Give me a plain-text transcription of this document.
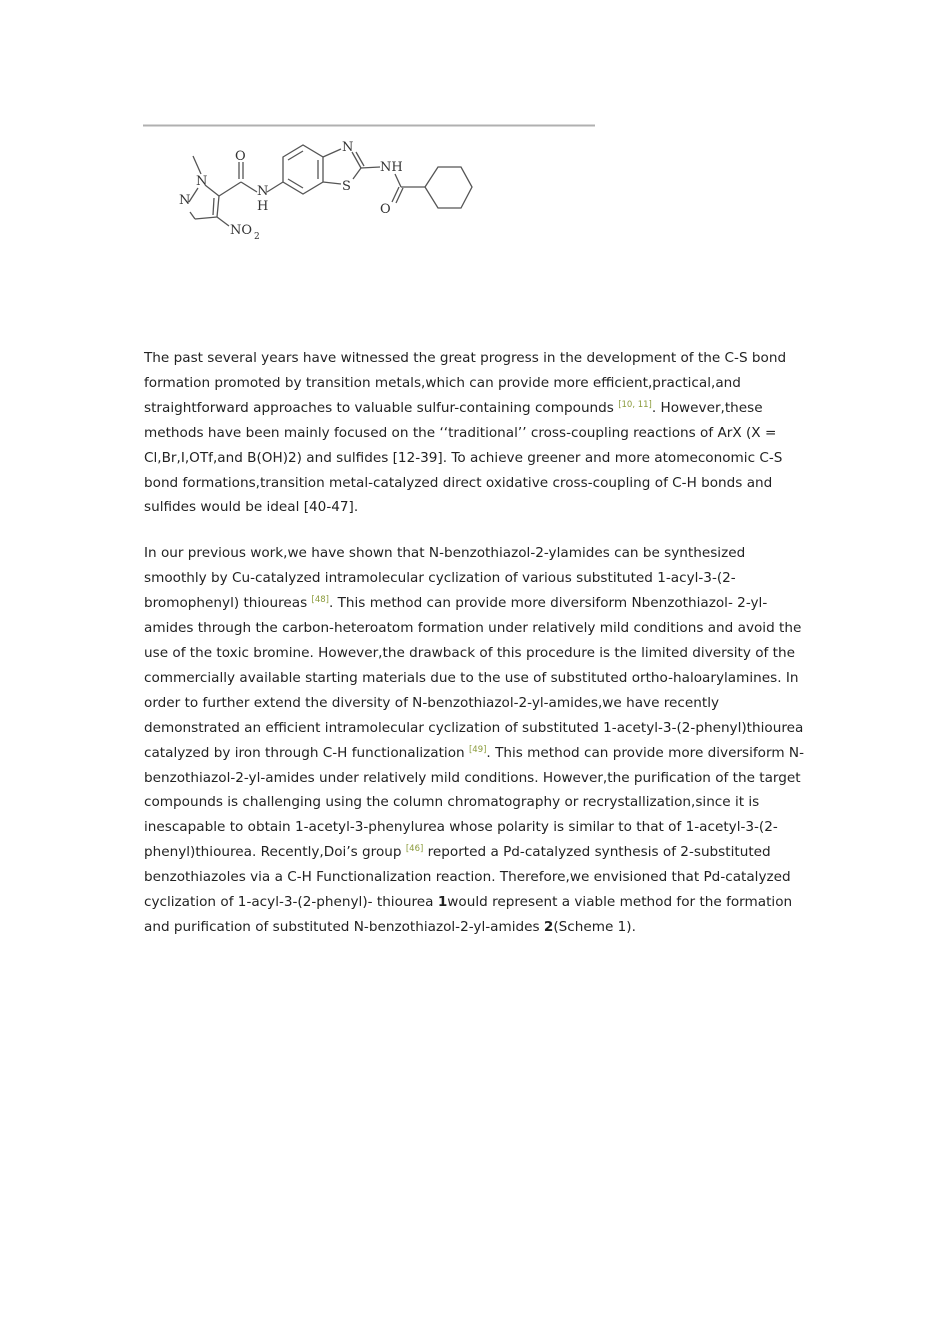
O
N
N
N
H
NO 2
N
S
NH
O

The past several years have witnessed the great progress in the development of the C-S bond formation promoted by transition metals,which can provide more efficient,practical,and straightforward approaches to valuable sulfur-containing compounds [10, 11]. However,these methods have been mainly focused on the ‘‘traditional’’ cross-coupling reactions of ArX (X = Cl,Br,I,OTf,and B(OH)2) and sulfides [12-39]. To achieve greener and more atomeconomic C-S bond formations,transition metal-catalyzed direct oxidative cross-coupling of C-H bonds and sulfides would be ideal [40-47].

In our previous work,we have shown that N-benzothiazol-2-ylamides can be synthesized smoothly by Cu-catalyzed intramolecular cyclization of various substituted 1-acyl-3-(2-bromophenyl) thioureas [48]. This method can provide more diversiform Nbenzothiazol- 2-yl-amides through the carbon-heteroatom formation under relatively mild conditions and avoid the use of the toxic bromine. However,the drawback of this procedure is the limited diversity of the commercially available starting materials due to the use of substituted ortho-haloarylamines. In order to further extend the diversity of N-benzothiazol-2-yl-amides,we have recently demonstrated an efficient intramolecular cyclization of substituted 1-acetyl-3-(2-phenyl)thiourea catalyzed by iron through C-H functionalization [49]. This method can provide more diversiform N-benzothiazol-2-yl-amides under relatively mild conditions. However,the purification of the target compounds is challenging using the column chromatography or recrystallization,since it is inescapable to obtain 1-acetyl-3-phenylurea whose polarity is similar to that of 1-acetyl-3-(2-phenyl)thiourea. Recently,Doi’s group [46] reported a Pd-catalyzed synthesis of 2-substituted benzothiazoles via a C-H Functionalization reaction. Therefore,we envisioned that Pd-catalyzed cyclization of 1-acyl-3-(2-phenyl)- thiourea 1would represent a viable method for the formation and purification of substituted N-benzothiazol-2-yl-amides 2(Scheme 1).
